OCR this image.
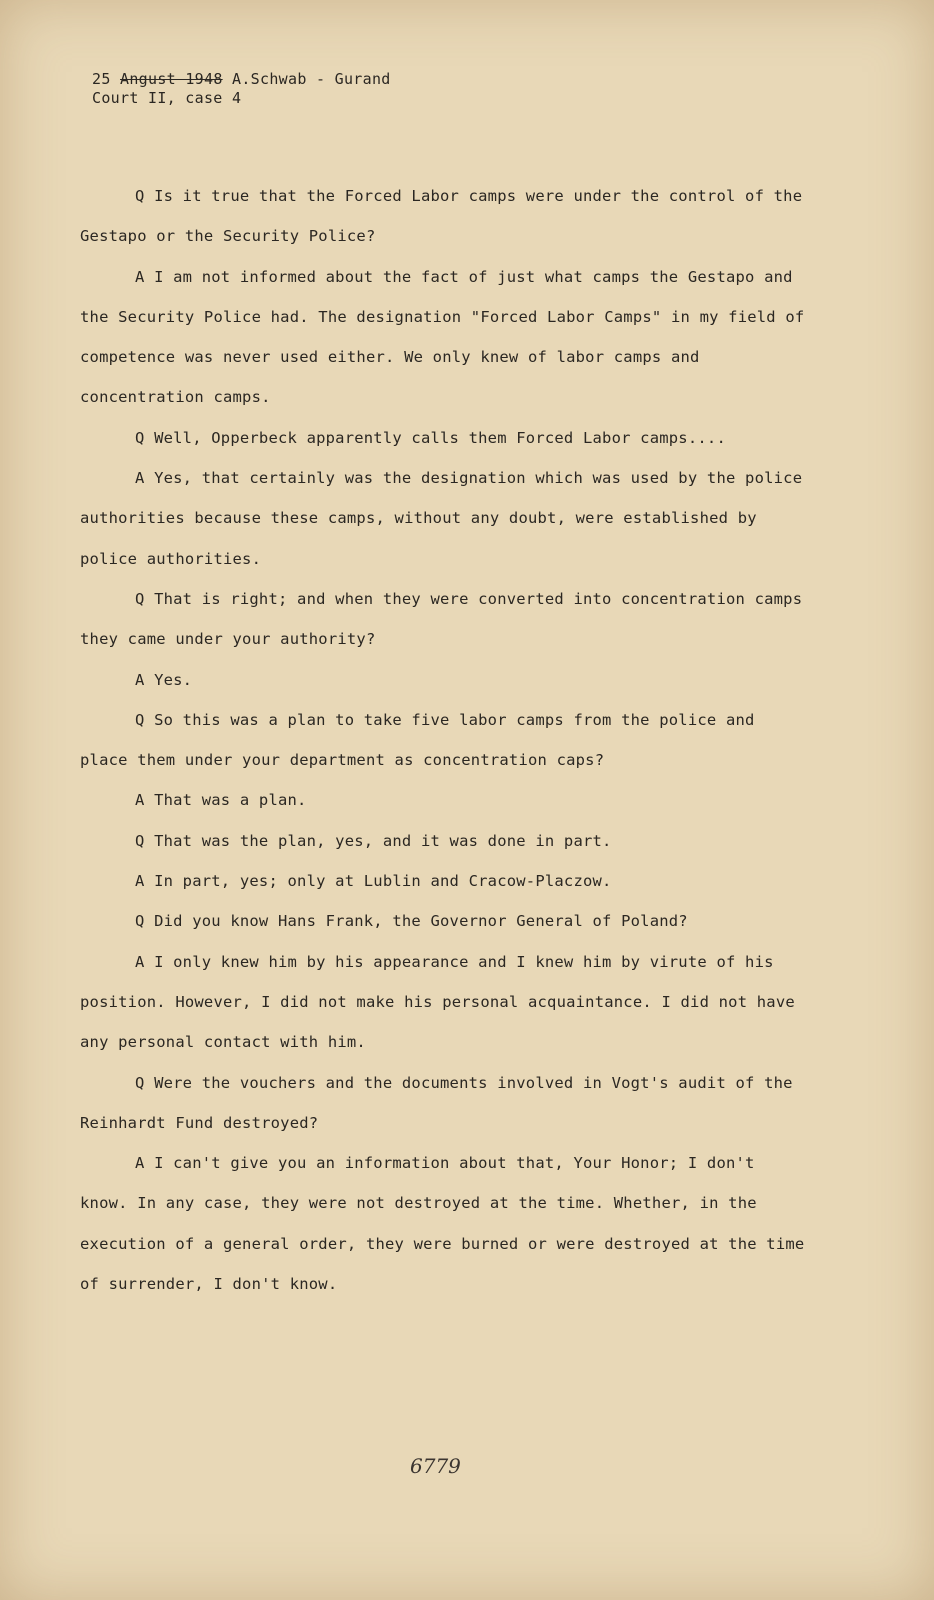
25 Angust 1948 A.Schwab - Gurand
Court II, case 4

Q Is it true that the Forced Labor camps were under the control of the Gestapo or the Security Police?

A I am not informed about the fact of just what camps the Gestapo and the Security Police had. The designation "Forced Labor Camps" in my field of competence was never used either. We only knew of labor camps and concentration camps.

Q Well, Opperbeck apparently calls them Forced Labor camps....

A Yes, that certainly was the designation which was used by the police authorities because these camps, without any doubt, were established by police authorities.

Q That is right; and when they were converted into concentration camps they came under your authority?

A Yes.

Q So this was a plan to take five labor camps from the police and place them under your department as concentration caps?

A That was a plan.

Q That was the plan, yes, and it was done in part.

A In part, yes; only at Lublin and Cracow-Placzow.

Q Did you know Hans Frank, the Governor General of Poland?

A I only knew him by his appearance and I knew him by virute of his position. However, I did not make his personal acquaintance. I did not have any personal contact with him.

Q Were the vouchers and the documents involved in Vogt's audit of the Reinhardt Fund destroyed?

A I can't give you an information about that, Your Honor; I don't know. In any case, they were not destroyed at the time. Whether, in the execution of a general order, they were burned or were destroyed at the time of surrender, I don't know.

6779
